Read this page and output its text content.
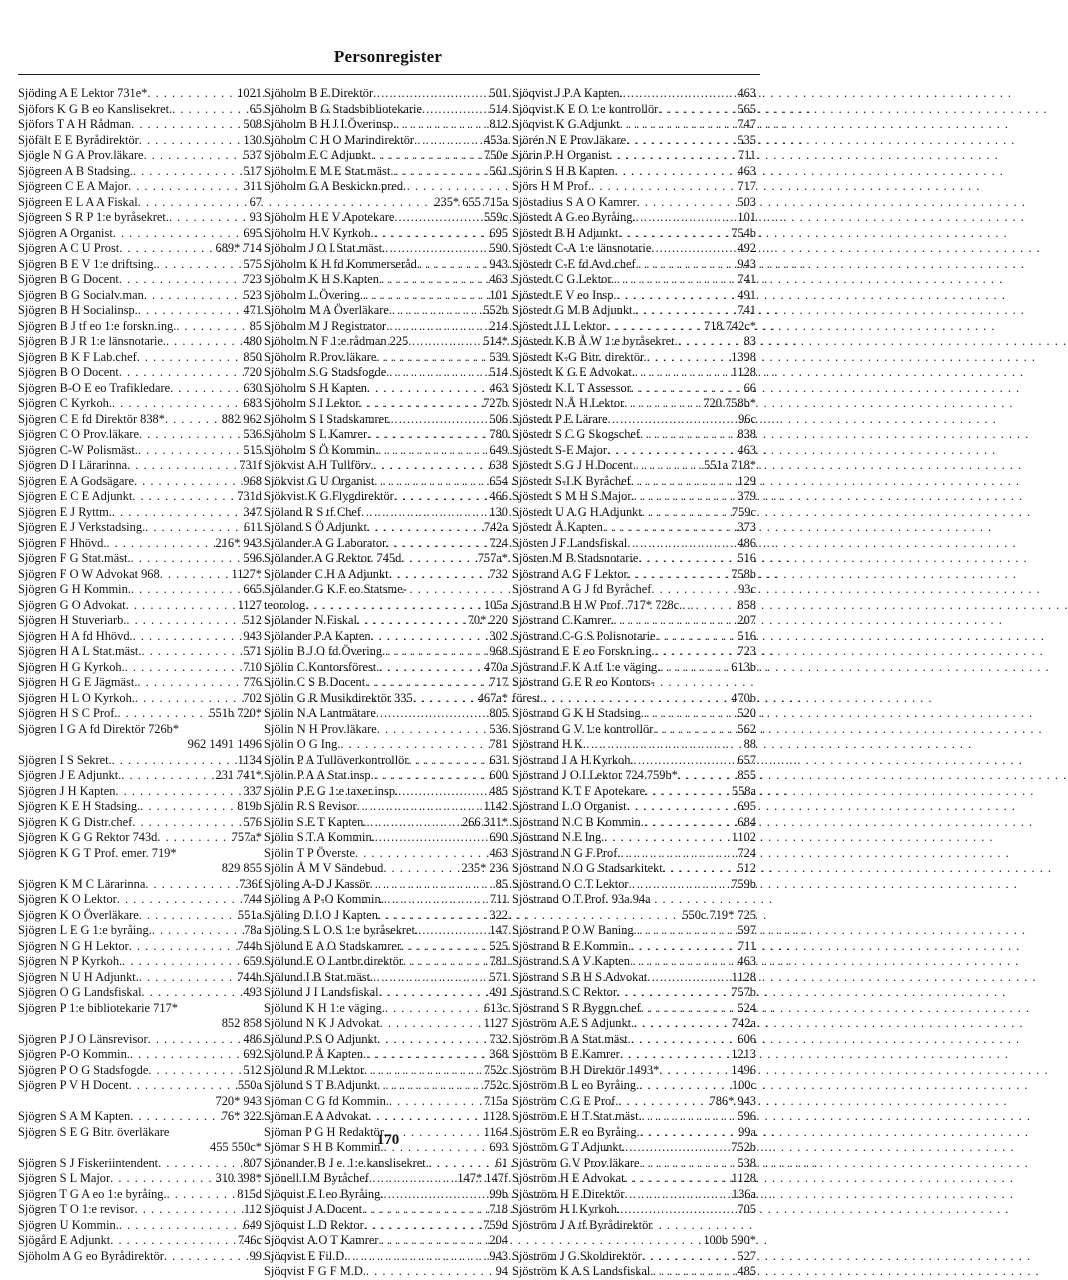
Personregister
Sjöding A E Lektor 731e* . . .	1021
Sjöfors K G B eo Kanslisekret. . . .	65
Sjöfors T A H Rådman . . .	508
Sjöfält E E Byrådirektör . . .	130
Sjögle N G A Prov.läkare . . .	537
Sjögreen A B Stadsing. . . .	517
Sjögreen C E A Major . . .	311
Sjögreen E L A A Fiskal . . .	67
Sjögreen S R P 1:e byråsekret. . . .	93
Sjögren A Organist . . .	695
Sjögren A C U Prost . . .	689* 714
Sjögren B E V 1:e driftsing. . . .	575
Sjögren B G Docent . . .	723
Sjögren B G Socialv.man . . .	523
Sjögren B H Socialinsp. . . .	471
Sjögren B J tf eo 1:e forskn.ing. . . .	85
Sjögren B J R 1:e länsnotarie. . . .	480
Sjögren B K F Lab.chef . . .	850
Sjögren B O Docent . . .	720
Sjögren B-O E eo Trafikledare . . .	630
Sjögren C Kyrkoh. . . .	683
Sjögren C E fd Direktör 838* . . .	882 962
Sjögren C O Prov.läkare . . .	536
Sjögren C-W Polismäst. . . .	515
Sjögren D I Lärarinna . . .	731f
Sjögren E A Godsägare . . .	968
Sjögren E C E Adjunkt . . .	731d
Sjögren E J Ryttm. . . .	347
Sjögren E J Verkstadsing. . . .	611
Sjögren F Hhövd. . . .	216* 943
Sjögren F G Stat.mäst. . . .	596
Sjögren F O W Advokat 968 . . .	1127*
Sjögren G H Kommin. . . .	665
Sjögren G O Advokat . . .	1127
Sjögren H Stuveriarb. . . .	512
Sjögren H A fd Hhövd. . . .	943
Sjögren H A L Stat.mäst. . . .	571
Sjögren H G Kyrkoh. . . .	710
Sjögren H G E Jägmäst. . . .	776
Sjögren H L O Kyrkoh. . . .	702
Sjögren H S C Prof. . . .	551b 720*
Sjögren I G A fd Direktör 726b*
962 1491 1496
Sjögren I S Sekret. . . .	1134
Sjögren J E Adjunkt. . . .	231 741*
Sjögren J H Kapten . . .	337
Sjögren K E H Stadsing. . . .	819b
Sjögren K G Distr.chef . . .	576
Sjögren K G G Rektor 743d . . .	757a*
Sjögren K G T Prof. emer. 719*
829 855
Sjögren K M C Lärarinna . . .	736f
Sjögren K O Lektor . . .	744
Sjögren K O Överläkare . . .	551a
Sjögren L E G 1:e byråing. . . .	78a
Sjögren N G H Lektor . . .	744b
Sjögren N P Kyrkoh. . . .	659
Sjögren N U H Adjunkt. . . .	744h
Sjögren O G Landsfiskal . . .	493
Sjögren P 1:e bibliotekarie 717*
852 858
Sjögren P J O Länsrevisor . . .	486
Sjögren P-O Kommin. . . .	692
Sjögren P O G Stadsfogde . . .	512
Sjögren P V H Docent . . .	550a
720* 943
Sjögren S A M Kapten . . .	76* 322
Sjögren S E G Bitr. överläkare
455 550c*
Sjögren S J Fiskeriintendent . . .	807
Sjögren S L Major . . .	310 398*
Sjögren T G A eo 1:e byråing. . . .	815d
Sjögren T O 1:e revisor . . .	112
Sjögren U Kommin. . . .	649
Sjögård E Adjunkt . . .	746c
Sjöholm A G eo Byrådirektör . . .	99
Sjöholm B E Direktör . . .	501
Sjöholm B G Stadsbibliotekarie . . .	514
Sjöholm B H J I Överinsp. . . .	812
Sjöholm C H O Marindirektör . . .	453a
Sjöholm E C Adjunkt . . .	750e
Sjöholm E M E Stat.mäst. . . .	561
Sjöholm G A Beskickn.pred.
235* 655 715a
Sjöholm H E V Apotekare . . .	559c
Sjöholm H V Kyrkoh. . . .	695
Sjöholm J O I Stat.mäst. . . .	590
Sjöholm K H fd Kommerseråd . . .	943
Sjöholm K H S Kapten . . .	463
Sjöholm L Övering. . . .	101
Sjöholm M A Överläkare . . .	552b
Sjöholm M J Registrator . . .	214
Sjöholm N F 1:e rådman 225 . . .	514*
Sjöholm R Prov.läkare . . .	539
Sjöholm S G Stadsfogde . . .	514
Sjöholm S H Kapten . . .	463
Sjöholm S I Lektor . . .	727b
Sjöholm S I Stadskamrer. . . .	506
Sjöholm S L Kamrer . . .	780
Sjöholm S Ö Kommin. . . .	649
Sjökvist A H Tullförv. . . .	638
Sjökvist G U Organist . . .	654
Sjökvist K G Flygdirektör . . .	466
Sjöland R S tf Chef . . .	130
Sjöland S Ö Adjunkt . . .	742a
Sjölander A G Laborator . . .	724
Sjölander A G Rektor. 745d . . .	757a*
Sjölander C H A Adjunkt . . .	732
Sjölander G K F eo Statsme-
teorolog . . .	105a
Sjölander N Fiskal . . .	70* 220
Sjölander P A Kapten . . .	302
Sjölin B J O fd Övering. . . .	968
Sjölin C Kontorsförest. . . .	470a
Sjölin C S B Docent . . .	717
Sjölin G R Musikdirektör 335 . . .	467a*
Sjölin N A Lantmätare . . .	805
Sjölin N H Prov.läkare . . .	536
Sjölin O G Ing. . . .	781
Sjölin P A Tullöverkontrollör . . .	631
Sjölin P A A Stat.insp. . . .	600
Sjölin P E G 1:e taxer.insp. . . .	485
Sjölin R S Revisor . . .	1142
Sjölin S E T Kapten. . . .	266 311*
Sjölin S T A Kommin. . . .	690
Sjölin T P Överste . . .	463
Sjölin Å M V Sändebud . . .	235* 236
Sjöling A-D J Kassör . . .	85
Sjöling A P-O Kommin. . . .	711
Sjöling D I O J Kapten . . .	322
Sjöling S L O S 1:e byråsekret. . . .	147
Sjölund E A O Stadskamrer . . .	525
Sjölund E O Lantbr.direktör . . .	781
Sjölund I B Stat.mäst. . . .	571
Sjölund J I Landsfiskal . . .	491
Sjölund K H 1:e väging. . . .	613c
Sjölund N K J Advokat . . .	1127
Sjölund P S O Adjunkt . . .	732
Sjölund P Å Kapten. . . .	368
Sjölund R M Lektor . . .	752c
Sjölund S T B Adjunkt . . .	752c
Sjöman C G fd Kommin. . . .	715a
Sjöman E A Advokat . . .	1128
Sjöman P G H Redaktör. . . .	1164
Sjömar S H B Kommin. . . .	693
Sjönander B J e. 1:e kanslisekret. . . .	61
Sjönell I M Byråchef . . .	147* 147f
Sjöquist E I eo Byråing. . . .	99b
Sjöquist J A Docent . . .	718
Sjöquist L D Rektor . . .	759d
Sjöqvist A O T Kamrer . . .	204
Sjöqvist E Fil.D. . . .	943
Sjöqvist F G F M.D. . . .	94
Sjöqvist J P A Kapten. . . .	463
Sjöqvist K E O 1:e kontrollör . . .	565
Sjöqvist K G Adjunkt . . .	747
Sjörén N E Prov.läkare . . .	535
Sjörin P H Organist . . .	711
Sjörin S H B Kapten . . .	463
Sjörs H M Prof. . . .	717
Sjöstadius S A O Kamrer . . .	503
Sjöstedt A G eo Byråing. . . .	101
Sjöstedt B H Adjunkt . . .	754b
Sjöstedt C-A 1:e länsnotarie . . .	492
Sjöstedt C-E fd Avd.chef . . .	943
Sjöstedt C G Lektor. . . .	741
Sjöstedt E V eo Insp. . . .	491
Sjöstedt G M B Adjunkt. . . .	741
Sjöstedt J L Lektor . . .	718 742c*
Sjöstedt K B Å W 1:e byråsekret. . . .	83
Sjöstedt K-G Bitr. direktör. . . .	1398
Sjöstedt K G E Advokat. . . .	1128
Sjöstedt K L T Assessor . . .	66
Sjöstedt N Å H Lektor . . .	720 758b*
Sjöstedt P E Lärare . . .	96c
Sjöstedt S C G Skogschef . . .	838
Sjöstedt S-E Major . . .	463
Sjöstedt S G J H Docent . . .	551a 718*
Sjöstedt S-I K Byråchef . . .	129
Sjöstedt S M H S Major. . . .	379
Sjöstedt U A G H Adjunkt . . .	759c
Sjöstedt Å Kapten . . .	373
Sjösten J F Landsfiskal . . .	486
Sjösten M B Stadsnotarie . . .	516
Sjöstrand A G F Lektor . . .	758b
Sjöstrand A G J fd Byråchef . . .	93c
Sjöstrand B H W Prof. 717* 728c . . .	858
Sjöstrand C Kamrer. . . .	207
Sjöstrand C-G S Polisnotarie . . .	516
Sjöstrand E E eo Forskn.ing. . . .	723
Sjöstrand F K A tf 1:e väging. . . .	613b
Sjöstrand G E R eo Kontors-
förest. . . .	470b
Sjöstrand G K H Stadsing. . . .	520
Sjöstrand G V 1:e kontrollör . . .	562
Sjöstrand H K . . .	88
Sjöstrand J A H Kyrkoh. . . .	657
Sjöstrand J O I Lektor 724 759b* . . .	855
Sjöstrand K T F Apotekare . . .	558a
Sjöstrand L O Organist . . .	695
Sjöstrand N C B Kommin. . . .	684
Sjöstrand N E Ing. . . .	1102
Sjöstrand N G F Prof. . . .	724
Sjöstrand N O G Stadsarkitekt . . .	512
Sjöstrand O C T Lektor . . .	759b
Sjöstrand O T Prof. 93a 94a
550c 719* 725
Sjöstrand P O W Baning. . . .	597
Sjöstrand R E Kommin. . . .	711
Sjöstrand S A V Kapten . . .	463
Sjöstrand S B H S Advokat . . .	1128
Sjöstrand S C Rektor . . .	757b
Sjöstrand S R Byggn.chef . . .	524
Sjöström A E S Adjunkt. . . .	742a
Sjöström B A Stat.mäst. . . .	606
Sjöström B E Kamrer . . .	1213
Sjöström B H Direktör 1493* . . .	1496
Sjöström B L eo Byråing. . . .	100c
Sjöström C G E Prof. . . .	786* 943
Sjöström E H T Stat.mäst. . . .	596
Sjöström E R eo Byråing. . . .	99a
Sjöström G T Adjunkt. . . .	752b
Sjöström G V Prov.läkare . . .	538
Sjöström H E Advokat . . .	1128
Sjöström H E Direktör . . .	136a
Sjöström H I Kyrkoh. . . .	705
Sjöström J A tf Byrådirektör
100b 590*
Sjöström J G Skoldirektör . . .	527
Sjöström K A S Landsfiskal . . .	485
170
